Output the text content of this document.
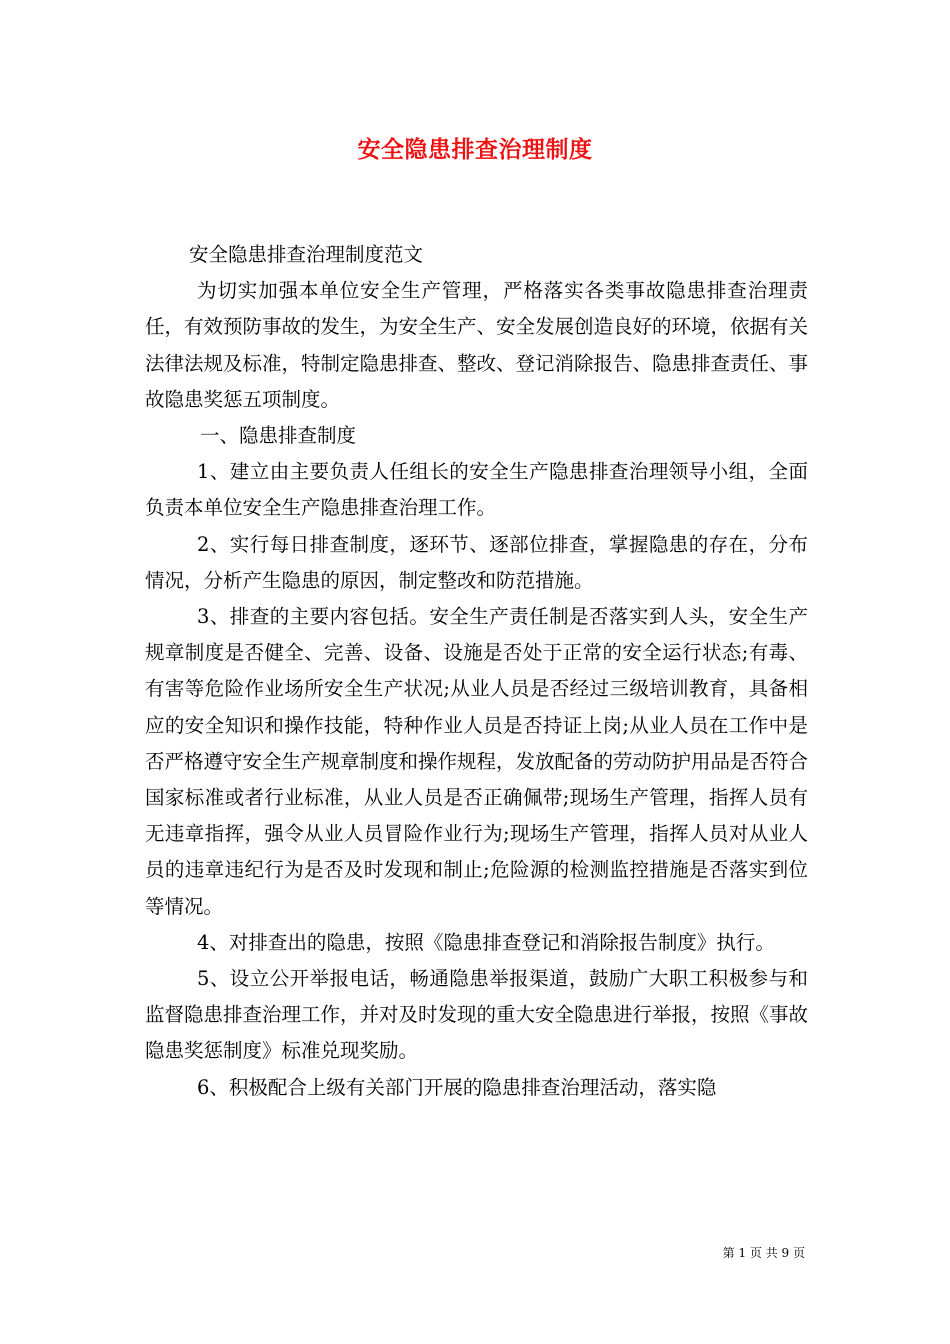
安全隐患排查治理制度

安全隐患排查治理制度范文

为切实加强本单位安全生产管理，严格落实各类事故隐患排查治理责任，有效预防事故的发生，为安全生产、安全发展创造良好的环境，依据有关法律法规及标准，特制定隐患排查、整改、登记消除报告、隐患排查责任、事故隐患奖惩五项制度。

一、隐患排查制度

1、建立由主要负责人任组长的安全生产隐患排查治理领导小组，全面负责本单位安全生产隐患排查治理工作。

2、实行每日排查制度，逐环节、逐部位排查，掌握隐患的存在，分布情况，分析产生隐患的原因，制定整改和防范措施。

3、排查的主要内容包括。安全生产责任制是否落实到人头，安全生产规章制度是否健全、完善、设备、设施是否处于正常的安全运行状态;有毒、有害等危险作业场所安全生产状况;从业人员是否经过三级培训教育，具备相应的安全知识和操作技能，特种作业人员是否持证上岗;从业人员在工作中是否严格遵守安全生产规章制度和操作规程，发放配备的劳动防护用品是否符合国家标准或者行业标准，从业人员是否正确佩带;现场生产管理，指挥人员有无违章指挥，强令从业人员冒险作业行为;现场生产管理，指挥人员对从业人员的违章违纪行为是否及时发现和制止;危险源的检测监控措施是否落实到位等情况。

4、对排查出的隐患，按照《隐患排查登记和消除报告制度》执行。

5、设立公开举报电话，畅通隐患举报渠道，鼓励广大职工积极参与和监督隐患排查治理工作，并对及时发现的重大安全隐患进行举报，按照《事故隐患奖惩制度》标准兑现奖励。

6、积极配合上级有关部门开展的隐患排查治理活动，落实隐

第 1 页 共 9 页
